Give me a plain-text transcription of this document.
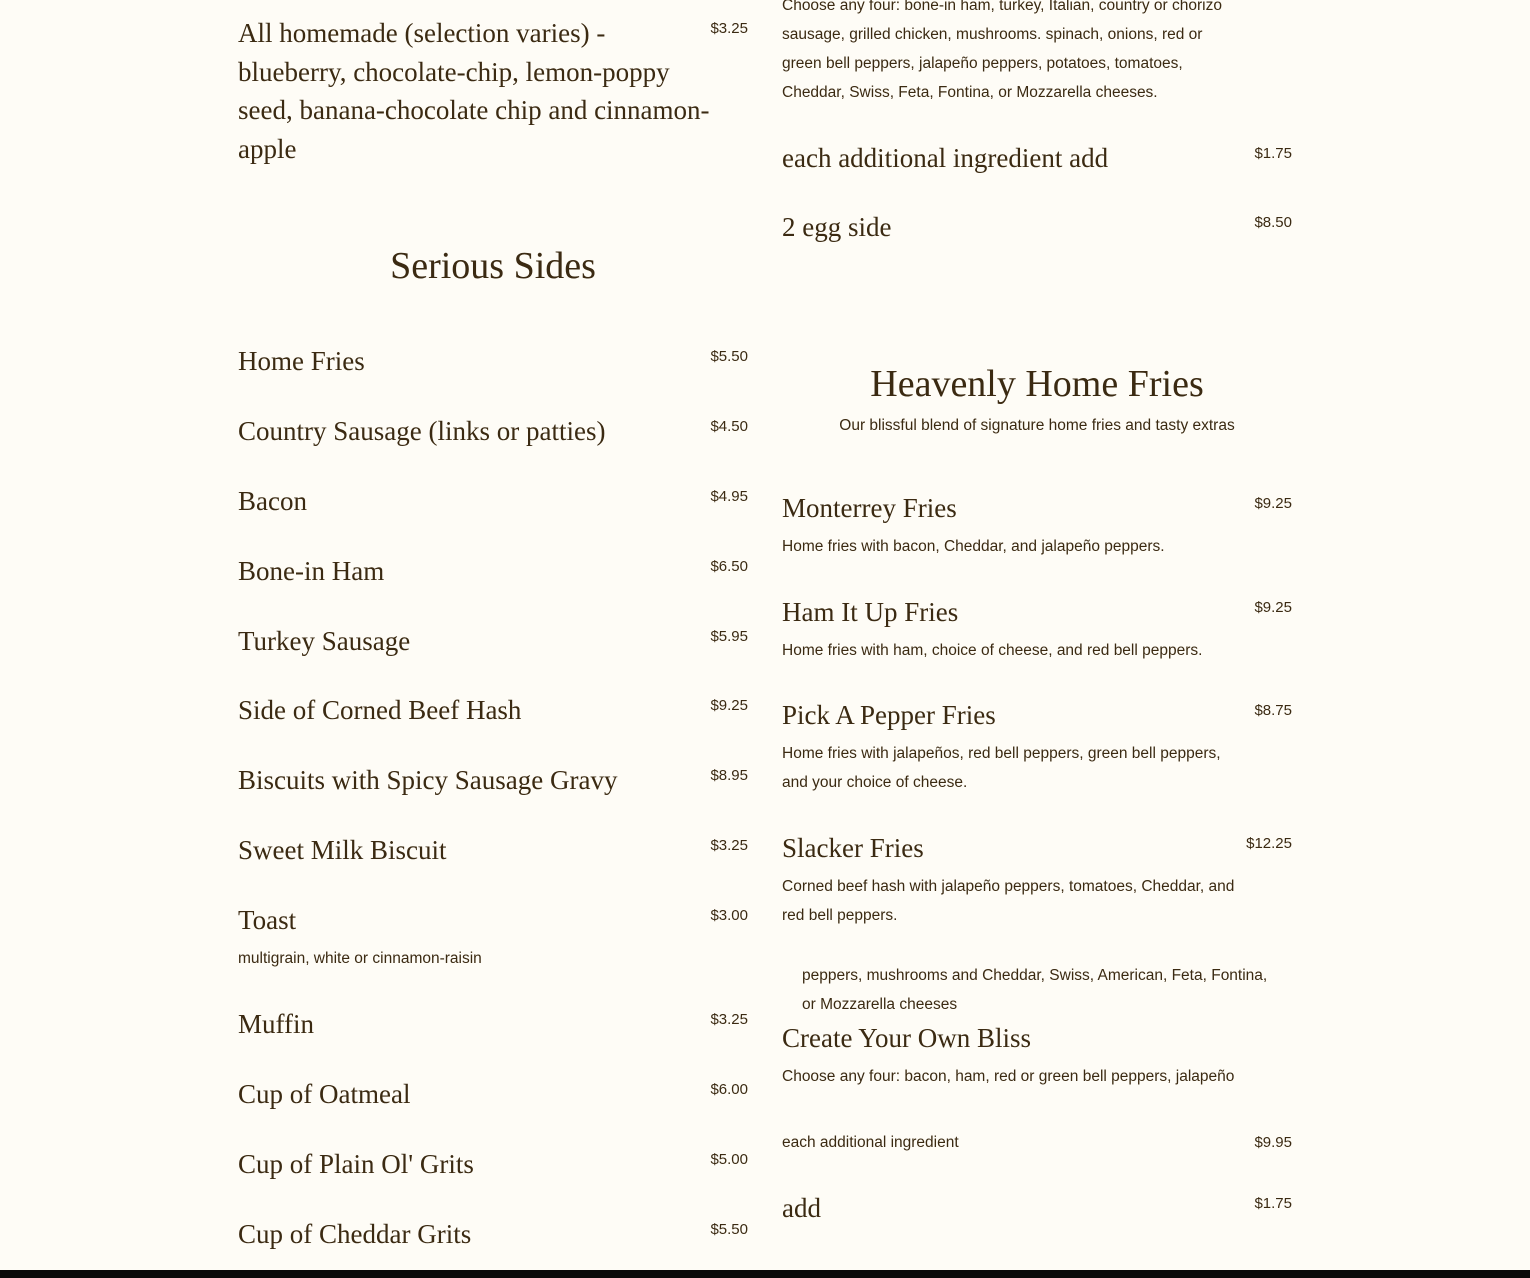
All homemade (selection varies) - blueberry, chocolate-chip, lemon-poppy seed, banana-chocolate chip and cinnamon-apple
$3.25
Serious Sides
Home Fries	$5.50
Country Sausage (links or patties)	$4.50
Bacon	$4.95
Bone-in Ham	$6.50
Turkey Sausage	$5.95
Side of Corned Beef Hash	$9.25
Biscuits with Spicy Sausage Gravy	$8.95
Sweet Milk Biscuit	$3.25
Toast	$3.00
multigrain, white or cinnamon-raisin
Muffin	$3.25
Cup of Oatmeal	$6.00
Cup of Plain Ol' Grits	$5.00
Cup of Cheddar Grits	$5.50
Choose any four: bone-in ham, turkey, Italian, country or chorizo sausage, grilled chicken, mushrooms. spinach, onions, red or green bell peppers, jalapeño peppers, potatoes, tomatoes, Cheddar, Swiss, Feta, Fontina, or Mozzarella cheeses.
each additional ingredient add	$1.75
2 egg side	$8.50
Heavenly Home Fries
Our blissful blend of signature home fries and tasty extras
Monterrey Fries	$9.25
Home fries with bacon, Cheddar, and jalapeño peppers.
Ham It Up Fries	$9.25
Home fries with ham, choice of cheese, and red bell peppers.
Pick A Pepper Fries	$8.75
Home fries with jalapeños, red bell peppers, green bell peppers, and your choice of cheese.
Slacker Fries	$12.25
Corned beef hash with jalapeño peppers, tomatoes, Cheddar, and red bell peppers.
peppers, mushrooms and Cheddar, Swiss, American, Feta, Fontina, or Mozzarella cheeses
Create Your Own Bliss
Choose any four: bacon, ham, red or green bell peppers, jalapeño
each additional ingredient	$9.95
add	$1.75
